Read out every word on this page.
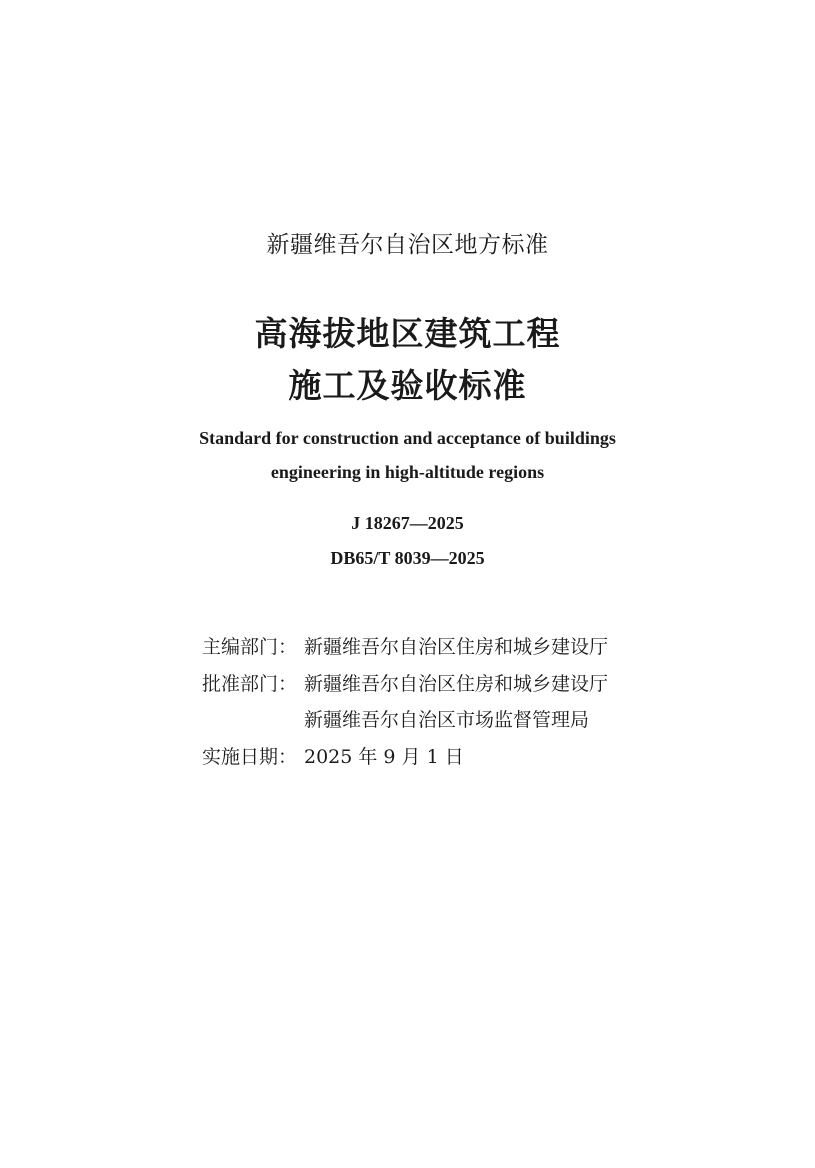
新疆维吾尔自治区地方标准
高海拔地区建筑工程
施工及验收标准
Standard for construction and acceptance of buildings
engineering in high-altitude regions
J 18267—2025
DB65/T 8039—2025
主编部门： 新疆维吾尔自治区住房和城乡建设厅
批准部门： 新疆维吾尔自治区住房和城乡建设厅
新疆维吾尔自治区市场监督管理局
实施日期： 2025 年 9 月 1 日
